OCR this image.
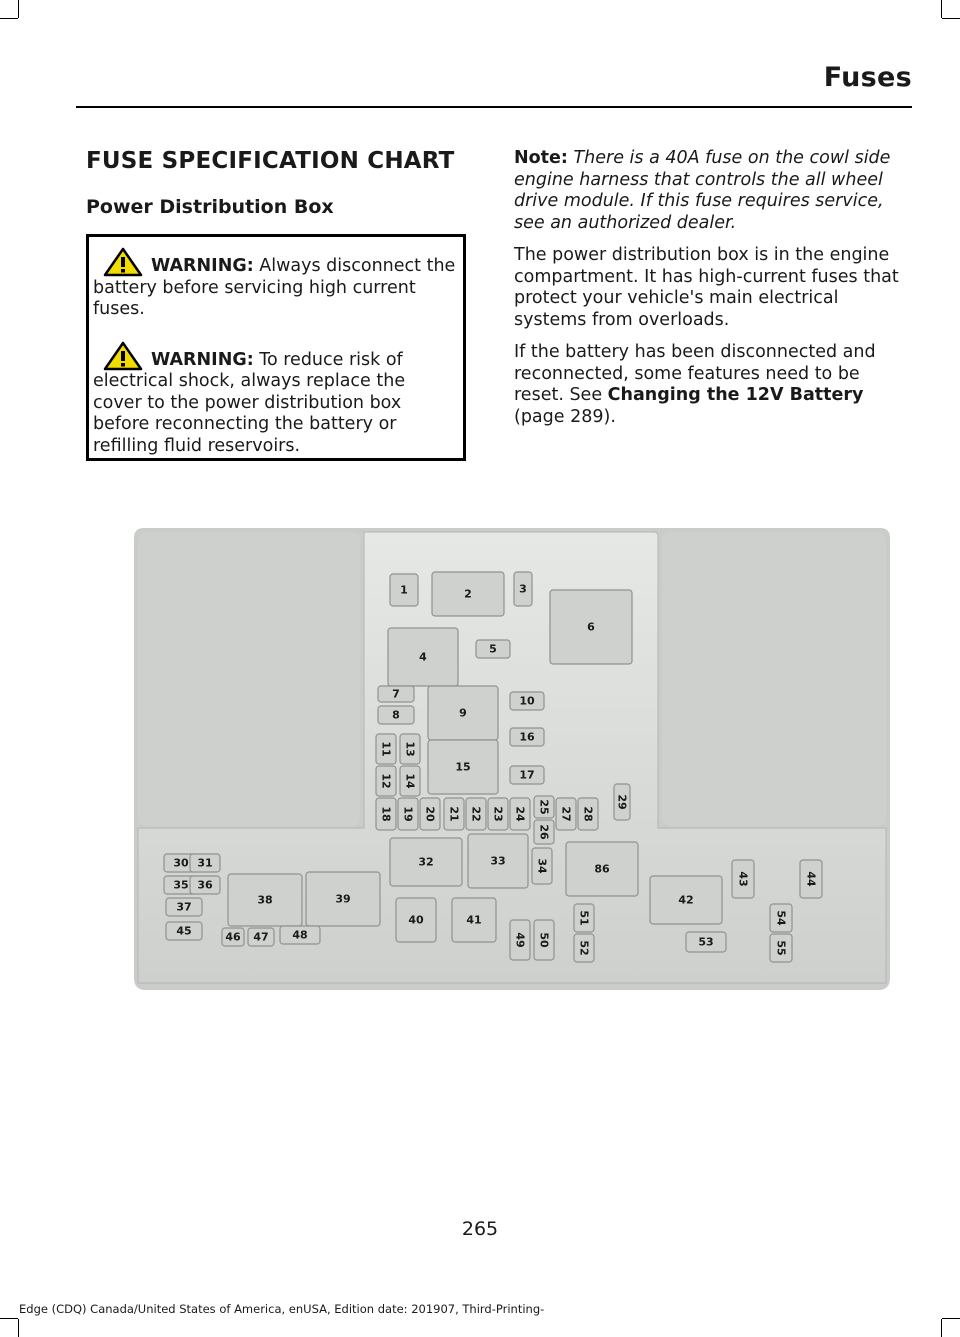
Fuses
FUSE SPECIFICATION CHART
Power Distribution Box

WARNING: Always disconnect the battery before servicing high current fuses.

WARNING: To reduce risk of electrical shock, always replace the cover to the power distribution box before reconnecting the battery or refilling fluid reservoirs.

Note: There is a 40A fuse on the cowl side engine harness that controls the all wheel drive module. If this fuse requires service, see an authorized dealer.

The power distribution box is in the engine compartment. It has high-current fuses that protect your vehicle's main electrical systems from overloads.

If the battery has been disconnected and reconnected, some features need to be reset. See Changing the 12V Battery (page 289).

1	2	3
4
5
6
7
8	9
10
11
12
13
14
15
16
17
18 19 20 21 22 23 24 25
26
27 28
29
30 31	32	33	34
35 36
37
38	39
40	41
42
43	44
45	46 47 48	49 50
51
52	53
54
55
86
265
Edge (CDQ) Canada/United States of America, enUSA, Edition date: 201907, Third-Printing-
